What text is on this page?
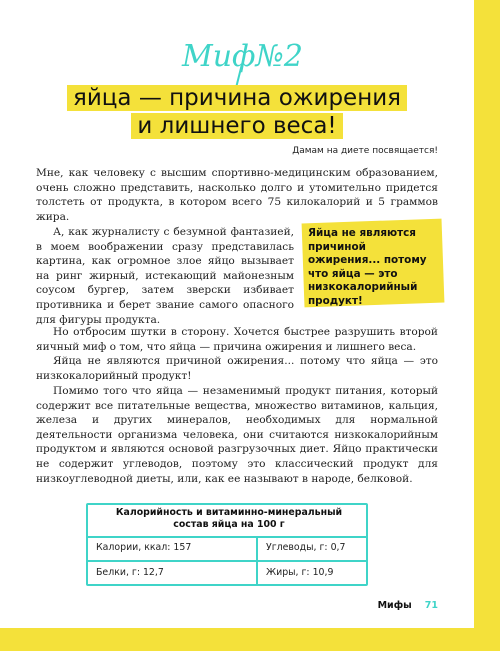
Миф№2
яйца — причина ожирения
и лишнего веса!
Дамам на диете посвящается!

Мне, как человеку с высшим спортивно-медицинским образованием, очень сложно представить, насколько долго и утомительно придется толстеть от продукта, в котором всего 75 килокалорий и 5 граммов жира.

А, как журналисту с безумной фантазией, в моем воображении сразу представилась картина, как огромное злое яйцо вызывает на ринг жирный, истекающий майонезным соусом бургер, затем зверски избивает противника и берет звание самого опасного для фигуры продукта.

Яйца не являются причиной ожирения... потому что яйца — это низкокалорийный продукт!

Но отбросим шутки в сторону. Хочется быстрее разрушить второй яичный миф о том, что яйца — причина ожирения и лишнего веса.

Яйца не являются причиной ожирения... потому что яйца — это низкокалорийный продукт!

Помимо того что яйца — незаменимый продукт питания, который содержит все питательные вещества, множество витаминов, кальция, железа и других минералов, необходимых для нормальной деятельности организма человека, они считаются низкокалорийным продуктом и являются основой разгрузочных диет. Яйцо практически не содержит углеводов, поэтому это классический продукт для низкоуглеводной диеты, или, как ее называют в народе, белковой.

Калорийность и витаминно-минеральный
состав яйца на 100 г
Калории, ккал: 157	Углеводы, г: 0,7
Белки, г: 12,7	Жиры, г: 10,9
Мифы 71
